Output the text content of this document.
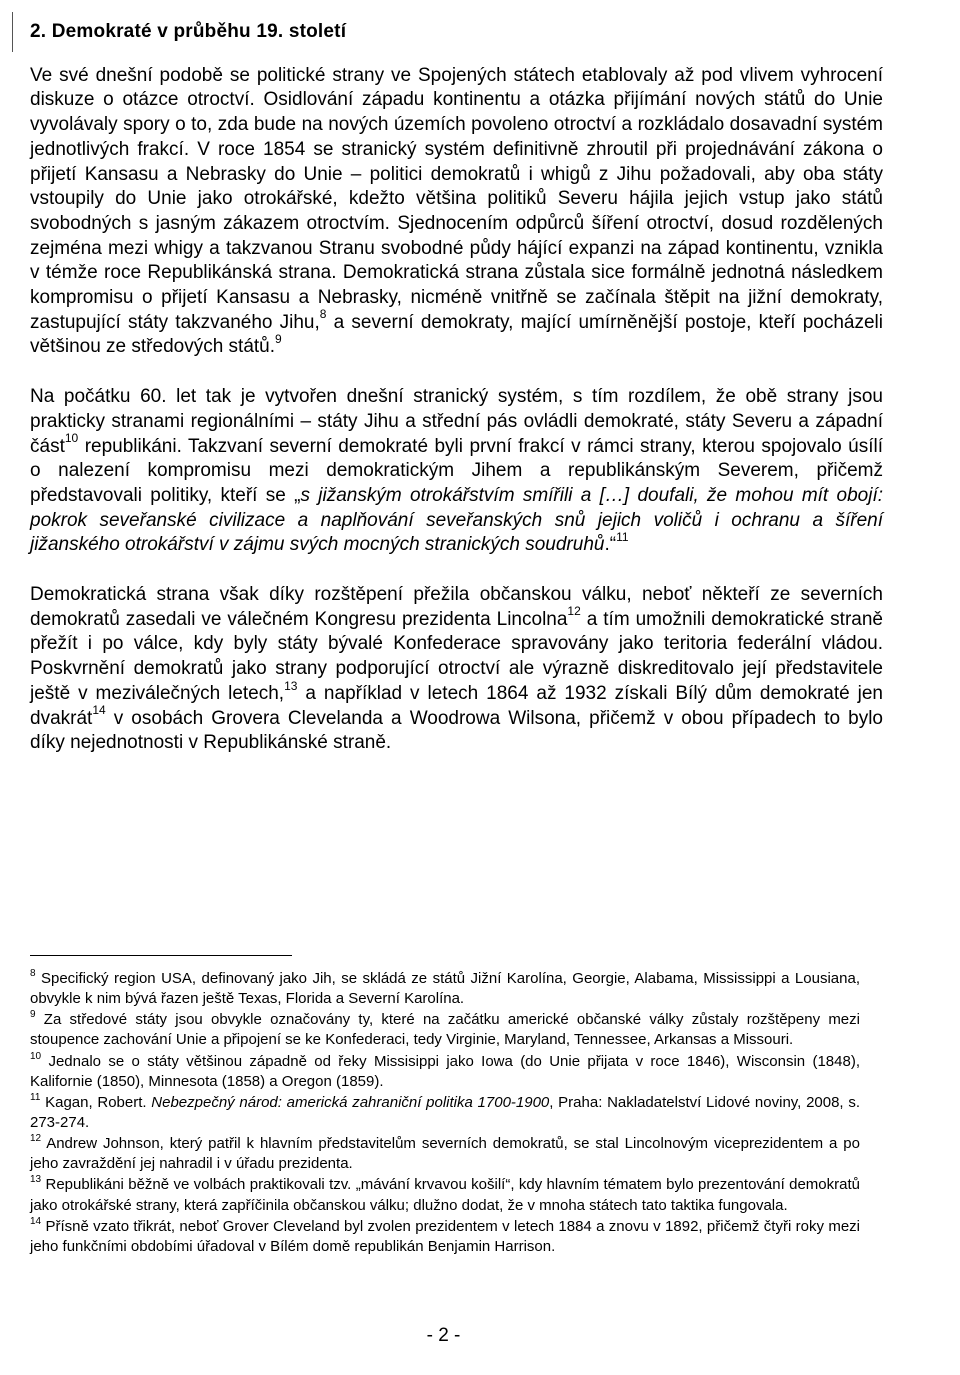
2. Demokraté v průběhu 19. století

Ve své dnešní podobě se politické strany ve Spojených státech etablovaly až pod vlivem vyhrocení diskuze o otázce otroctví. Osidlování západu kontinentu a otázka přijímání nových států do Unie vyvolávaly spory o to, zda bude na nových územích povoleno otroctví a rozkládalo dosavadní systém jednotlivých frakcí. V roce 1854 se stranický systém definitivně zhroutil při projednávání zákona o přijetí Kansasu a Nebrasky do Unie – politici demokratů i whigů z Jihu požadovali, aby oba státy vstoupily do Unie jako otrokářské, kdežto většina politiků Severu hájila jejich vstup jako států svobodných s jasným zákazem otroctvím. Sjednocením odpůrců šíření otroctví, dosud rozdělených zejména mezi whigy a takzvanou Stranu svobodné půdy hájící expanzi na západ kontinentu, vznikla v témže roce Republikánská strana. Demokratická strana zůstala sice formálně jednotná následkem kompromisu o přijetí Kansasu a Nebrasky, nicméně vnitřně se začínala štěpit na jižní demokraty, zastupující státy takzvaného Jihu,$^8$ a severní demokraty, mající umírněnější postoje, kteří pocházeli většinou ze středových států.$^9$

Na počátku 60. let tak je vytvořen dnešní stranický systém, s tím rozdílem, že obě strany jsou prakticky stranami regionálními – státy Jihu a střední pás ovládli demokraté, státy Severu a západní část$^{10}$ republikáni. Takzvaní severní demokraté byli první frakcí v rámci strany, kterou spojovalo úsílí o nalezení kompromisu mezi demokratickým Jihem a republikánským Severem, přičemž představovali politiky, kteří se „s jižanským otrokářstvím smířili a […] doufali, že mohou mít obojí: pokrok seveřanské civilizace a naplňování seveřanských snů jejich voličů i ochranu a šíření jižanského otrokářství v zájmu svých mocných stranických soudruhů.“$^{11}$

Demokratická strana však díky rozštěpení přežila občanskou válku, neboť někteří ze severních demokratů zasedali ve válečném Kongresu prezidenta Lincolna$^{12}$ a tím umožnili demokratické straně přežít i po válce, kdy byly státy bývalé Konfederace spravovány jako teritoria federální vládou. Poskvrnění demokratů jako strany podporující otroctví ale výrazně diskreditovalo její představitele ještě v meziválečných letech,$^{13}$ a například v letech 1864 až 1932 získali Bílý dům demokraté jen dvakrát$^{14}$ v osobách Grovera Clevelanda a Woodrowa Wilsona, přičemž v obou případech to bylo díky nejednotnosti v Republikánské straně.

$^8$ Specifický region USA, definovaný jako Jih, se skládá ze států Jižní Karolína, Georgie, Alabama, Mississippi a Lousiana, obvykle k nim bývá řazen ještě Texas, Florida a Severní Karolína.

$^9$ Za středové státy jsou obvykle označovány ty, které na začátku americké občanské války zůstaly rozštěpeny mezi stoupence zachování Unie a připojení se ke Konfederaci, tedy Virginie, Maryland, Tennessee, Arkansas a Missouri.

$^{10}$ Jednalo se o státy většinou západně od řeky Missisippi jako Iowa (do Unie přijata v roce 1846), Wisconsin (1848), Kalifornie (1850), Minnesota (1858) a Oregon (1859).

$^{11}$ Kagan, Robert. Nebezpečný národ: americká zahraniční politika 1700-1900, Praha: Nakladatelství Lidové noviny, 2008, s. 273-274.

$^{12}$ Andrew Johnson, který patřil k hlavním představitelům severních demokratů, se stal Lincolnovým viceprezidentem a po jeho zavraždění jej nahradil i v úřadu prezidenta.

$^{13}$ Republikáni běžně ve volbách praktikovali tzv. „mávání krvavou košilí“, kdy hlavním tématem bylo prezentování demokratů jako otrokářské strany, která zapříčinila občanskou válku; dlužno dodat, že v mnoha státech tato taktika fungovala.

$^{14}$ Přísně vzato třikrát, neboť Grover Cleveland byl zvolen prezidentem v letech 1884 a znovu v 1892, přičemž čtyři roky mezi jeho funkčními obdobími úřadoval v Bílém domě republikán Benjamin Harrison.

- 2 -
